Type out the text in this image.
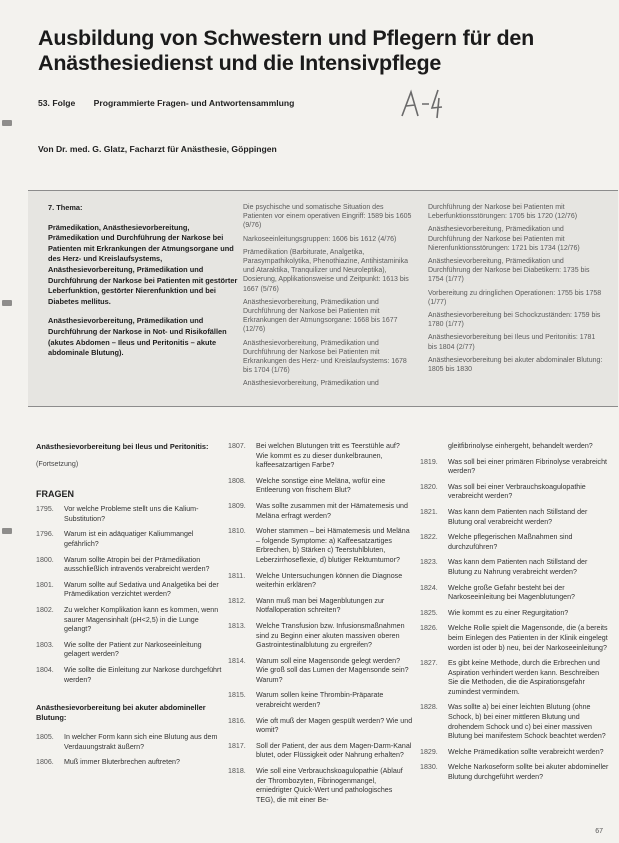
Ausbildung von Schwestern und Pflegern für den
Anästhesiedienst und die Intensivpflege
53. Folge Programmierte Fragen- und Antwortensammlung
Von Dr. med. G. Glatz, Facharzt für Anästhesie, Göppingen

7. Thema:

Prämedikation, Anästhesievorbereitung, Prämedikation und Durchführung der Narkose bei Patienten mit Erkrankungen der Atmungsorgane und des Herz- und Kreislaufsystems, Anästhesievorbereitung, Prämedikation und Durchführung der Narkose bei Patienten mit gestörter Leberfunktion, gestörter Nierenfunktion und bei Diabetes mellitus.

Anästhesievorbereitung, Prämedikation und Durchführung der Narkose in Not- und Risikofällen (akutes Abdomen – Ileus und Peritonitis – akute abdominale Blutung).

Die psychische und somatische Situation des Patienten vor einem operativen Eingriff: 1589 bis 1605 (9/76)

Narkoseeinleitungsgruppen: 1606 bis 1612 (4/76)

Prämedikation (Barbiturate, Analgetika, Parasympathikolytika, Phenothiazine, Antihistaminika und Ataraktika, Tranquilizer und Neuroleptika), Dosierung, Applikationsweise und Zeitpunkt: 1613 bis 1667 (5/76)

Anästhesievorbereitung, Prämedikation und Durchführung der Narkose bei Patienten mit Erkrankungen der Atmungsorgane: 1668 bis 1677 (12/76)

Anästhesievorbereitung, Prämedikation und Durchführung der Narkose bei Patienten mit Erkrankungen des Herz- und Kreislaufsystems: 1678 bis 1704 (1/76)

Anästhesievorbereitung, Prämedikation und

Durchführung der Narkose bei Patienten mit Leberfunktionsstörungen: 1705 bis 1720 (12/76)

Anästhesievorbereitung, Prämedikation und Durchführung der Narkose bei Patienten mit Nierenfunktionsstörungen: 1721 bis 1734 (12/76)

Anästhesievorbereitung, Prämedikation und Durchführung der Narkose bei Diabetikern: 1735 bis 1754 (1/77)

Vorbereitung zu dringlichen Operationen: 1755 bis 1758 (1/77)

Anästhesievorbereitung bei Schockzuständen: 1759 bis 1780 (1/77)

Anästhesievorbereitung bei Ileus und Peritonitis: 1781 bis 1804 (2/77)

Anästhesievorbereitung bei akuter abdominaler Blutung: 1805 bis 1830

Anästhesievorbereitung bei Ileus und Peritonitis:

(Fortsetzung)

FRAGEN

1795.	Vor welche Probleme stellt uns die Kalium-Substitution?
1796.	Warum ist ein adäquatiger Kaliummangel gefährlich?
1800.	Warum sollte Atropin bei der Prämedikation ausschließlich intravenös verabreicht werden?
1801.	Warum sollte auf Sedativa und Analgetika bei der Prämedikation verzichtet werden?
1802.	Zu welcher Komplikation kann es kommen, wenn saurer Magensinhalt (pH<2,5) in die Lunge gelangt?
1803.	Wie sollte der Patient zur Narkoseeinleitung gelagert werden?
1804.	Wie sollte die Einleitung zur Narkose durchgeführt werden?

Anästhesievorbereitung bei akuter abdomineller Blutung:

1805.	In welcher Form kann sich eine Blutung aus dem Verdauungstrakt äußern?
1806.	Muß immer Bluterbrechen auftreten?
1807.	Bei welchen Blutungen tritt es Teerstühle auf? Wie kommt es zu dieser dunkelbraunen, kaffeesatzartigen Farbe?
1808.	Welche sonstige eine Meläna, wofür eine Entleerung von frischem Blut?
1809.	Was sollte zusammen mit der Hämatemesis und Meläna erfragt werden?
1810.	Woher stammen – bei Hämatemesis und Meläna – folgende Symptome: a) Kaffeesatzartiges Erbrechen, b) Stärken c) Teerstuhlbluten, Leberzirrhoseflexie, d) blutiger Rektumtumor?
1811.	Welche Untersuchungen können die Diagnose weiterhin erklären?
1812.	Wann muß man bei Magenblutungen zur Notfalloperation schreiten?
1813.	Welche Transfusion bzw. Infusionsmaßnahmen sind zu Beginn einer akuten massiven oberen Gastrointestinalblutung zu ergreifen?
1814.	Warum soll eine Magensonde gelegt werden? Wie groß soll das Lumen der Magensonde sein? Warum?
1815.	Warum sollen keine Thrombin-Präparate verabreicht werden?
1816.	Wie oft muß der Magen gespült werden? Wie und womit?
1817.	Soll der Patient, der aus dem Magen-Darm-Kanal blutet, oder Flüssigkeit oder Nahrung erhalten?
1818.	Wie soll eine Verbrauchskoagulopathie (Ablauf der Thrombozyten, Fibrinogenmangel, erniedrigter Quick-Wert und pathologisches TEG), die mit einer Be-
gleitfibrinolyse einhergeht, behandelt werden?
1819.	Was soll bei einer primären Fibrinolyse verabreicht werden?
1820.	Was soll bei einer Verbrauchskoagulopathie verabreicht werden?
1821.	Was kann dem Patienten nach Stillstand der Blutung oral verabreicht werden?
1822.	Welche pflegerischen Maßnahmen sind durchzuführen?
1823.	Was kann dem Patienten nach Stillstand der Blutung zu Nahrung verabreicht werden?
1824.	Welche große Gefahr besteht bei der Narkoseeinleitung bei Magenblutungen?
1825.	Wie kommt es zu einer Regurgitation?
1826.	Welche Rolle spielt die Magensonde, die (a bereits beim Einlegen des Patienten in der Klinik eingelegt worden ist oder b) neu, bei der Narkoseeinleitung?
1827.	Es gibt keine Methode, durch die Erbrechen und Aspiration verhindert werden kann. Beschreiben Sie die Methoden, die die Aspirationsgefahr zumindest vermindern.
1828.	Was sollte a) bei einer leichten Blutung (ohne Schock, b) bei einer mittleren Blutung und drohendem Schock und c) bei einer massiven Blutung bei manifestem Schock beachtet werden?
1829.	Welche Prämedikation sollte verabreicht werden?
1830.	Welche Narkoseform sollte bei akuter abdomineller Blutung durchgeführt werden?
67
